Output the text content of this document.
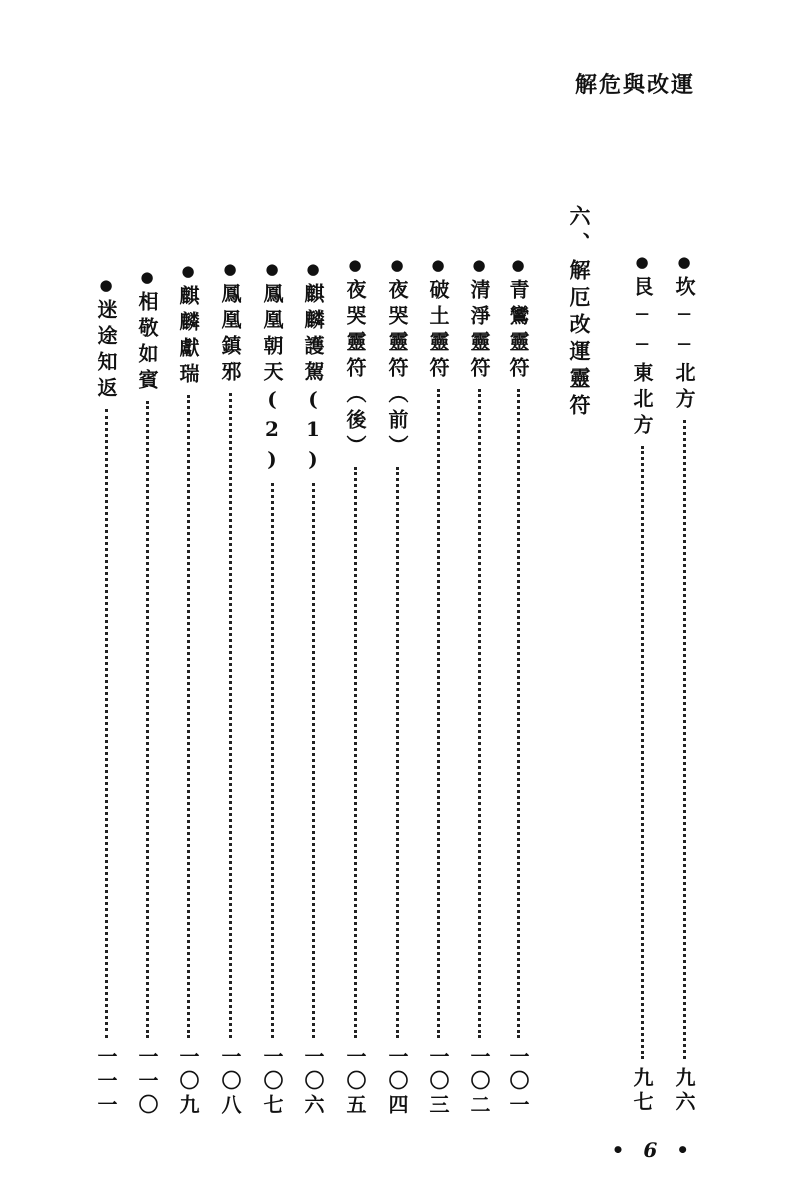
解危與改運
六、解厄改運靈符	●
坎──北方
九六
●
艮──東北方
九七
●
青鸞靈符
一〇一
●
清淨靈符
一〇二
●
破土靈符
一〇三
●
夜哭靈符（前）
一〇四
●
夜哭靈符（後）
一〇五
●
麒麟護駕(1)
一〇六
●
鳳凰朝天(2)
一〇七
●
鳳凰鎮邪
一〇八
●
麒麟獻瑞
一〇九
●
相敬如賓
一一〇
●
迷途知返
一一一
• 6 •
